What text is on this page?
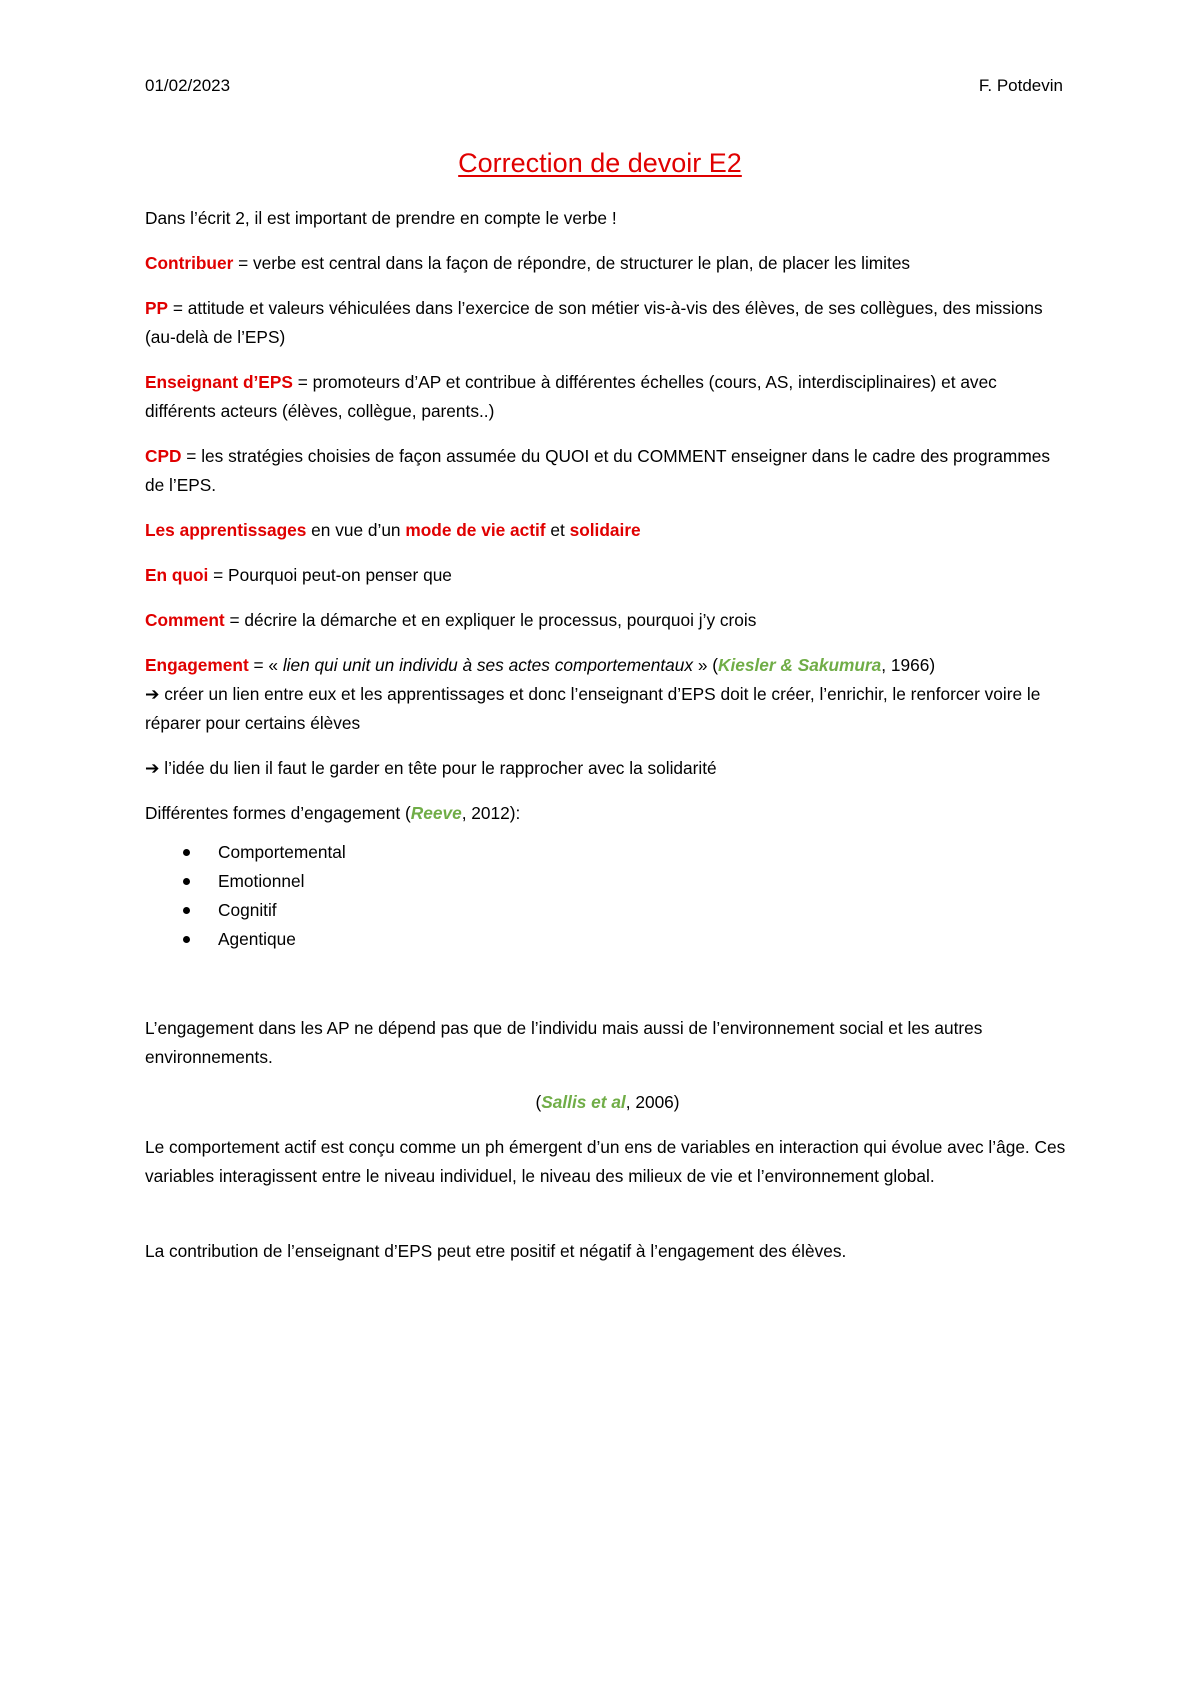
01/02/2023	F. Potdevin
Correction de devoir E2

Dans l’écrit 2, il est important de prendre en compte le verbe !

Contribuer = verbe est central dans la façon de répondre, de structurer le plan, de placer les limites

PP = attitude et valeurs véhiculées dans l’exercice de son métier vis-à-vis des élèves, de ses collègues, des missions (au-delà de l’EPS)

Enseignant d’EPS = promoteurs d’AP et contribue à différentes échelles (cours, AS, interdisciplinaires) et avec différents acteurs (élèves, collègue, parents..)

CPD = les stratégies choisies de façon assumée du QUOI et du COMMENT enseigner dans le cadre des programmes de l’EPS.

Les apprentissages en vue d’un mode de vie actif et solidaire

En quoi = Pourquoi peut-on penser que

Comment = décrire la démarche et en expliquer le processus, pourquoi j’y crois

Engagement = « lien qui unit un individu à ses actes comportementaux » (Kiesler & Sakumura, 1966)
➔ créer un lien entre eux et les apprentissages et donc l’enseignant d’EPS doit le créer, l’enrichir, le renforcer voire le réparer pour certains élèves

➔ l’idée du lien il faut le garder en tête pour le rapprocher avec la solidarité

Différentes formes d’engagement (Reeve, 2012):

Comportemental
Emotionnel
Cognitif
Agentique

L’engagement dans les AP ne dépend pas que de l’individu mais aussi de l’environnement social et les autres environnements.

(Sallis et al, 2006)

Le comportement actif est conçu comme un ph émergent d’un ens de variables en interaction qui évolue avec l’âge. Ces variables interagissent entre le niveau individuel, le niveau des milieux de vie et l’environnement global.

La contribution de l’enseignant d’EPS peut etre positif et négatif à l’engagement des élèves.
